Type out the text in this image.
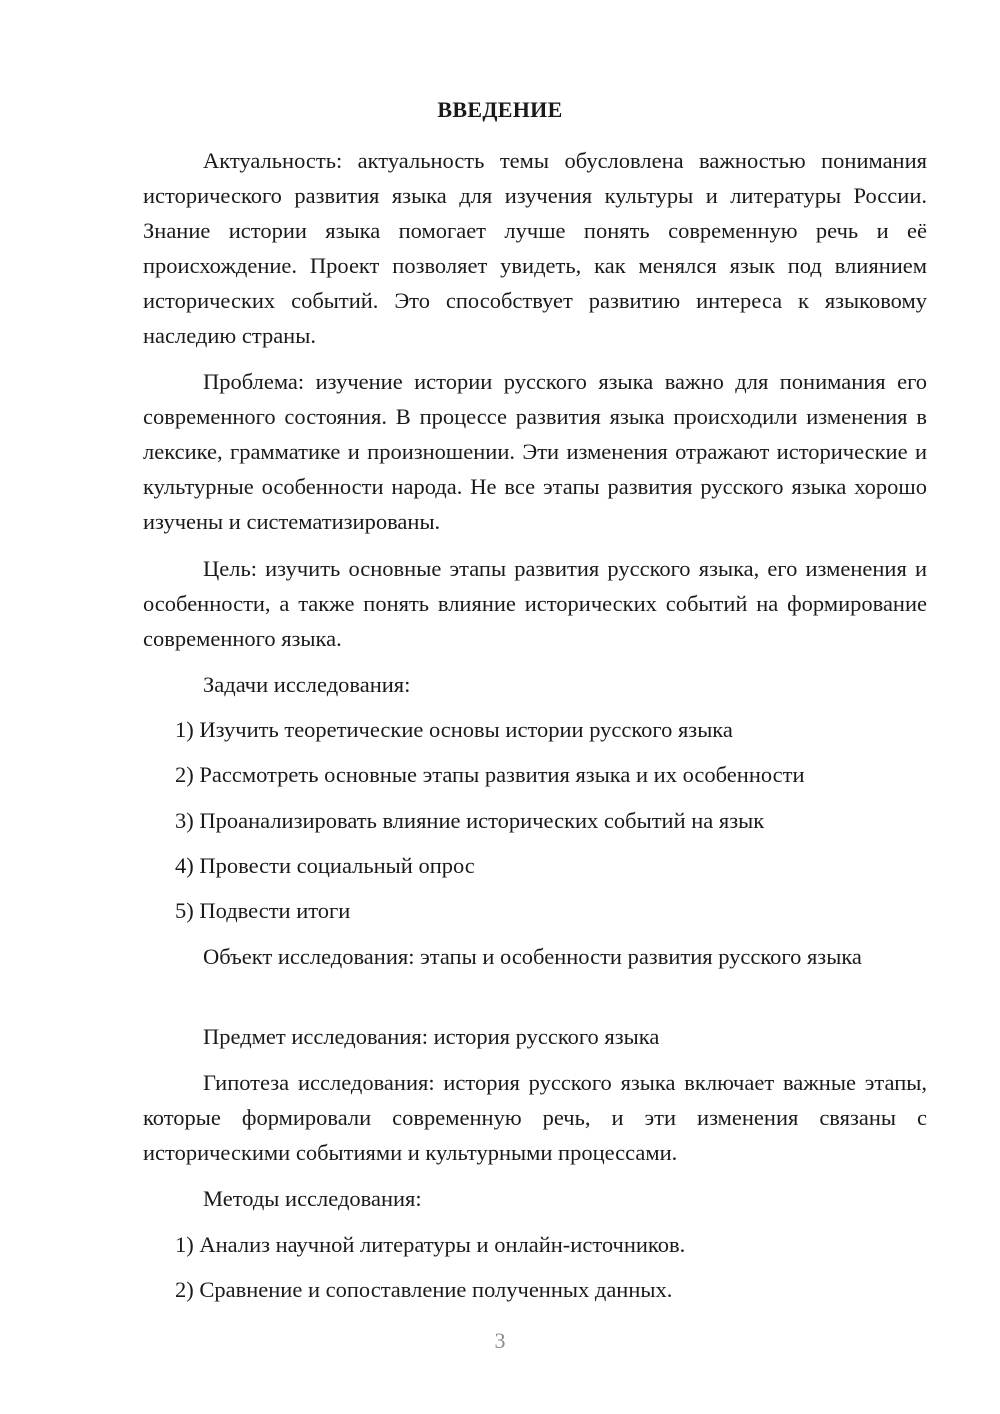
ВВЕДЕНИЕ

Актуальность: актуальность темы обусловлена важностью понимания исторического развития языка для изучения культуры и литературы России. Знание истории языка помогает лучше понять современную речь и её происхождение. Проект позволяет увидеть, как менялся язык под влиянием исторических событий. Это способствует развитию интереса к языковому наследию страны.

Проблема: изучение истории русского языка важно для понимания его современного состояния. В процессе развития языка происходили изменения в лексике, грамматике и произношении. Эти изменения отражают исторические и культурные особенности народа. Не все этапы развития русского языка хорошо изучены и систематизированы.

Цель: изучить основные этапы развития русского языка, его изменения и особенности, а также понять влияние исторических событий на формирование современного языка.

Задачи исследования:

1) Изучить теоретические основы истории русского языка

2) Рассмотреть основные этапы развития языка и их особенности

3) Проанализировать влияние исторических событий на язык

4) Провести социальный опрос

5) Подвести итоги

Объект исследования: этапы и особенности развития русского языка

Предмет исследования: история русского языка

Гипотеза исследования: история русского языка включает важные этапы, которые формировали современную речь, и эти изменения связаны с историческими событиями и культурными процессами.

Методы исследования:

1) Анализ научной литературы и онлайн-источников.

2) Сравнение и сопоставление полученных данных.

3
